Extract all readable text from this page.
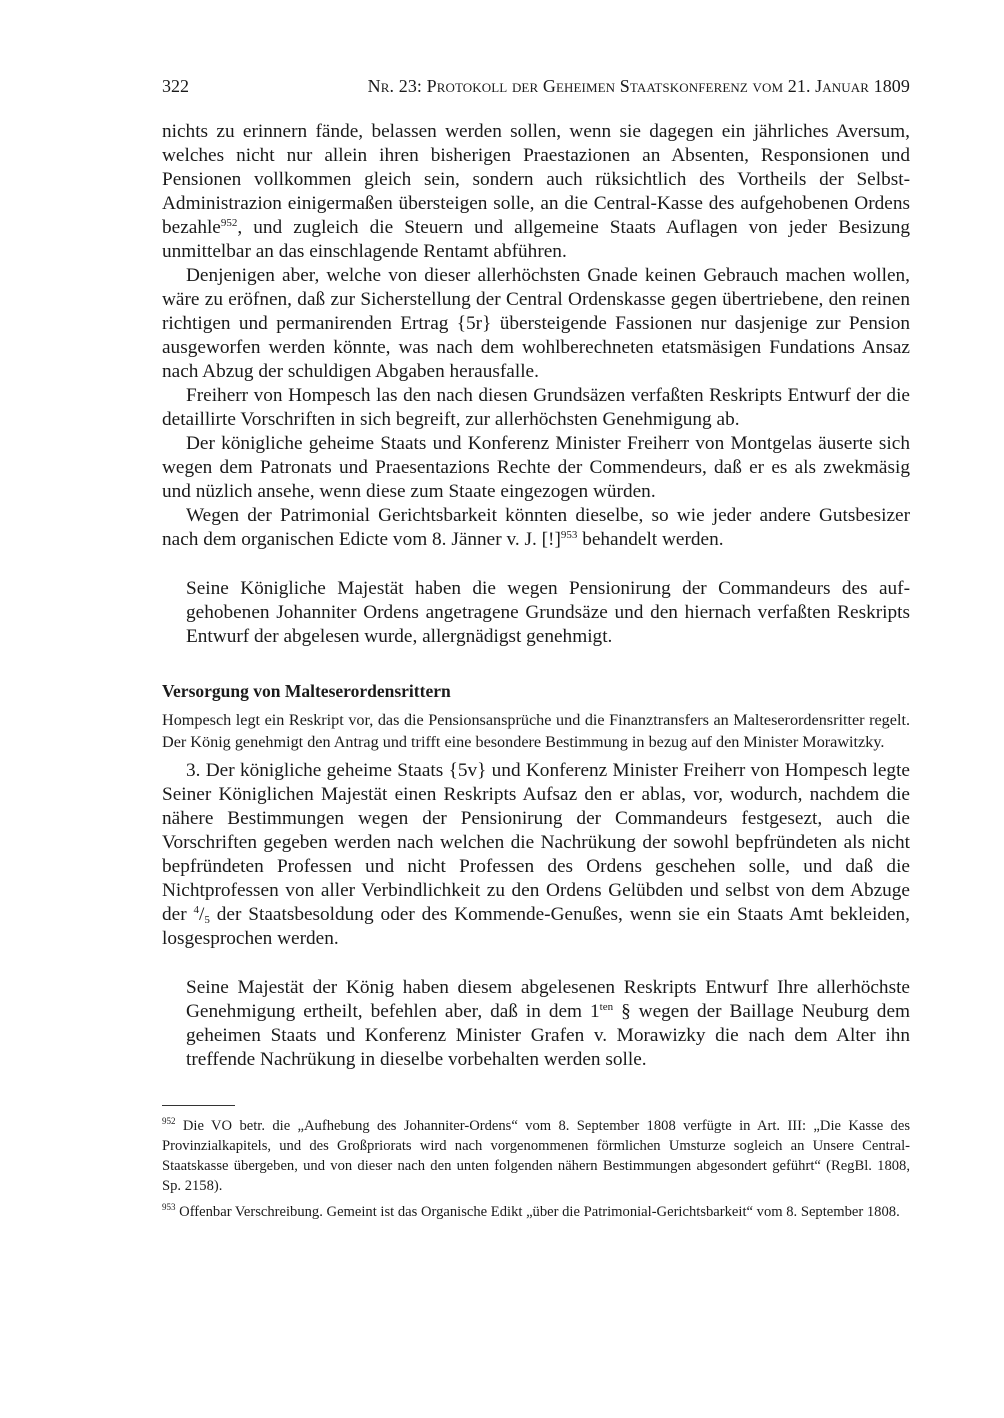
322	Nr. 23: Protokoll der Geheimen Staatskonferenz vom 21. Januar 1809

nichts zu erinnern fände, belassen werden sollen, wenn sie dagegen ein jährliches Aversum, welches nicht nur allein ihren bisherigen Praestazionen an Absenten, Responsionen und Pensionen vollkommen gleich sein, sondern auch rüksichtlich des Vortheils der Selbst-Administrazion einigermaßen übersteigen solle, an die Central-Kasse des aufgehobenen Ordens bezahle$^{952}$, und zugleich die Steuern und allgemeine Staats Auflagen von jeder Besizung unmittelbar an das einschlagende Rentamt abführen.

Denjenigen aber, welche von dieser allerhöchsten Gnade keinen Gebrauch machen wollen, wäre zu eröfnen, daß zur Sicherstellung der Central Ordenskasse gegen übertriebene, den reinen richtigen und permanirenden Ertrag {5r} übersteigende Fassionen nur dasjenige zur Pension ausgeworfen werden könnte, was nach dem wohlberechneten etatsmäsigen Fundations Ansaz nach Abzug der schuldigen Abgaben herausfalle.

Freiherr von Hompesch las den nach diesen Grundsäzen verfaßten Reskripts Entwurf der die detaillirte Vorschriften in sich begreift, zur allerhöchsten Genehmigung ab.

Der königliche geheime Staats und Konferenz Minister Freiherr von Montgelas äuserte sich wegen dem Patronats und Praesentazions Rechte der Commendeurs, daß er es als zwekmäsig und nüzlich ansehe, wenn diese zum Staate eingezogen würden.

Wegen der Patrimonial Gerichtsbarkeit könnten dieselbe, so wie jeder andere Gutsbesizer nach dem organischen Edicte vom 8. Jänner v. J. [!]$^{953}$ behandelt werden.

Seine Königliche Majestät haben die wegen Pensionirung der Commandeurs des aufgehobenen Johanniter Ordens angetragene Grundsäze und den hiernach verfaßten Reskripts Entwurf der abgelesen wurde, allergnädigst genehmigt.

Versorgung von Malteserordensrittern

Hompesch legt ein Reskript vor, das die Pensionsansprüche und die Finanztransfers an Malteserordensritter regelt. Der König genehmigt den Antrag und trifft eine besondere Bestimmung in bezug auf den Minister Morawitzky.

3. Der königliche geheime Staats {5v} und Konferenz Minister Freiherr von Hompesch legte Seiner Königlichen Majestät einen Reskripts Aufsaz den er ablas, vor, wodurch, nachdem die nähere Bestimmungen wegen der Pensionirung der Commandeurs festgesezt, auch die Vorschriften gegeben werden nach welchen die Nachrükung der sowohl bepfründeten als nicht bepfründeten Professen und nicht Professen des Ordens geschehen solle, und daß die Nichtprofessen von aller Verbindlichkeit zu den Ordens Gelübden und selbst von dem Abzuge der $^4/_5$ der Staatsbesoldung oder des Kommende-Genußes, wenn sie ein Staats Amt bekleiden, losgesprochen werden.

Seine Majestät der König haben diesem abgelesenen Reskripts Entwurf Ihre allerhöchste Genehmigung ertheilt, befehlen aber, daß in dem $1^{ten}$ § wegen der Baillage Neuburg dem geheimen Staats und Konferenz Minister Grafen v. Morawizky die nach dem Alter ihn treffende Nachrükung in dieselbe vorbehalten werden solle.

$^{952}$ Die VO betr. die „Aufhebung des Johanniter-Ordens“ vom 8. September 1808 verfügte in Art. III: „Die Kasse des Provinzialkapitels, und des Großpriorats wird nach vorgenommenen förmlichen Umsturze sogleich an Unsere Central-Staatskasse übergeben, und von dieser nach den unten folgenden nähern Bestimmungen abgesondert geführt“ (RegBl. 1808, Sp. 2158).

$^{953}$ Offenbar Verschreibung. Gemeint ist das Organische Edikt „über die Patrimonial-Gerichtsbarkeit“ vom 8. September 1808.
